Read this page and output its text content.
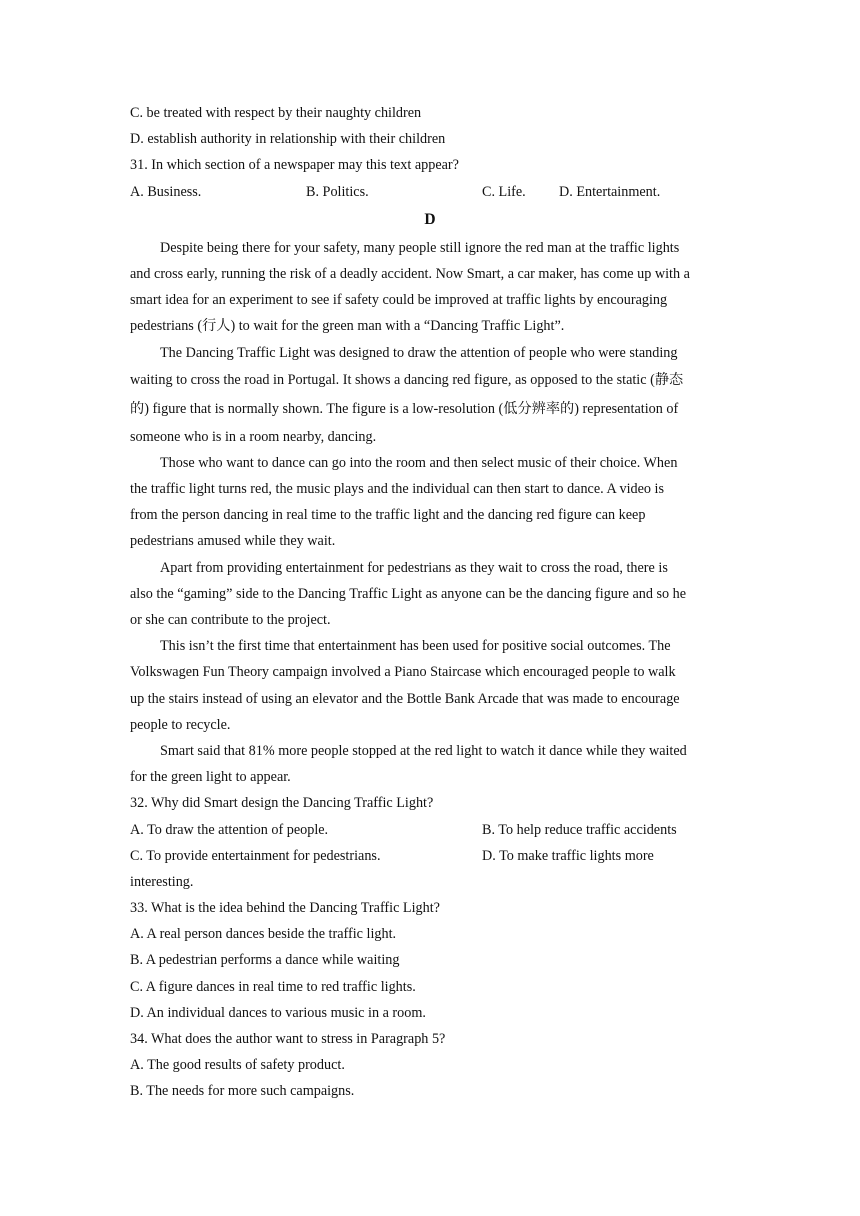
C. be treated with respect by their naughty children
D. establish authority in relationship with their children
31. In which section of a newspaper may this text appear?
A. Business.	B. Politics.	C. Life. D. Entertainment.
D
Despite being there for your safety, many people still ignore the red man at the traffic lights
and cross early, running the risk of a deadly accident. Now Smart, a car maker, has come up with a
smart idea for an experiment to see if safety could be improved at traffic lights by encouraging
pedestrians (行人) to wait for the green man with a “Dancing Traffic Light”.
The Dancing Traffic Light was designed to draw the attention of people who were standing
waiting to cross the road in Portugal. It shows a dancing red figure, as opposed to the static (静态
的) figure that is normally shown. The figure is a low-resolution (低分辨率的) representation of
someone who is in a room nearby, dancing.
Those who want to dance can go into the room and then select music of their choice. When
the traffic light turns red, the music plays and the individual can then start to dance. A video is
from the person dancing in real time to the traffic light and the dancing red figure can keep
pedestrians amused while they wait.
Apart from providing entertainment for pedestrians as they wait to cross the road, there is
also the “gaming” side to the Dancing Traffic Light as anyone can be the dancing figure and so he
or she can contribute to the project.
This isn’t the first time that entertainment has been used for positive social outcomes. The
Volkswagen Fun Theory campaign involved a Piano Staircase which encouraged people to walk
up the stairs instead of using an elevator and the Bottle Bank Arcade that was made to encourage
people to recycle.
Smart said that 81% more people stopped at the red light to watch it dance while they waited
for the green light to appear.
32. Why did Smart design the Dancing Traffic Light?
A. To draw the attention of people.	B. To help reduce traffic accidents
C. To provide entertainment for pedestrians.	D. To make traffic lights more
interesting.
33. What is the idea behind the Dancing Traffic Light?
A. A real person dances beside the traffic light.
B. A pedestrian performs a dance while waiting
C. A figure dances in real time to red traffic lights.
D. An individual dances to various music in a room.
34. What does the author want to stress in Paragraph 5?
A. The good results of safety product.
B. The needs for more such campaigns.
